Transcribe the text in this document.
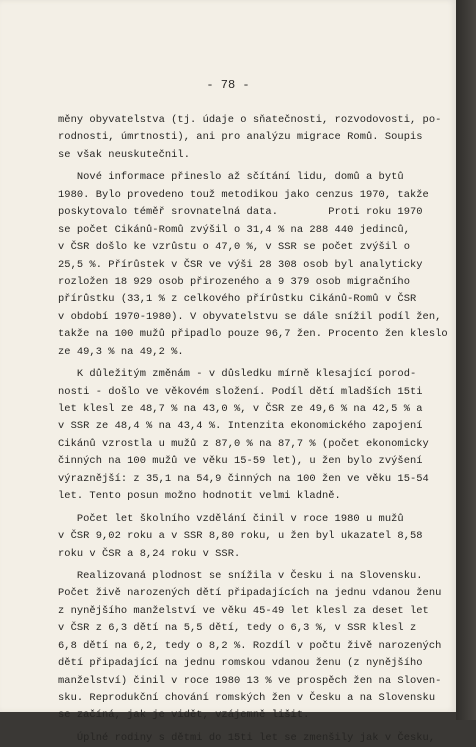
- 78 -
měny obyvatelstva (tj. údaje o sňatečnosti, rozvodovosti, po-
rodnosti, úmrtnosti), ani pro analýzu migrace Romů. Soupis
se však neuskutečnil.
Nové informace přineslo až sčítání lidu, domů a bytů
1980. Bylo provedeno touž metodikou jako cenzus 1970, takže
poskytovalo téměř srovnatelná data.        Proti roku 1970
se počet Cikánů-Romů zvýšil o 31,4 % na 288 440 jedinců,
v ČSR došlo ke vzrůstu o 47,0 %, v SSR se počet zvýšil o
25,5 %. Přírůstek v ČSR ve výši 28 308 osob byl analyticky
rozložen 18 929 osob přirozeného a 9 379 osob migračního
přírůstku (33,1 % z celkového přírůstku Cikánů-Romů v ČSR
v období 1970-1980). V obyvatelstvu se dále snížil podíl žen,
takže na 100 mužů připadlo pouze 96,7 žen. Procento žen kleslo
ze 49,3 % na 49,2 %.
K důležitým změnám - v důsledku mírně klesající porod-
nosti - došlo ve věkovém složení. Podíl dětí mladších 15ti
let klesl ze 48,7 % na 43,0 %, v ČSR ze 49,6 % na 42,5 % a
v SSR ze 48,4 % na 43,4 %. Intenzita ekonomického zapojení
Cikánů vzrostla u mužů z 87,0 % na 87,7 % (počet ekonomicky
činných na 100 mužů ve věku 15-59 let), u žen bylo zvýšení
výraznější: z 35,1 na 54,9 činných na 100 žen ve věku 15-54
let. Tento posun možno hodnotit velmi kladně.
Počet let školního vzdělání činil v roce 1980 u mužů
v ČSR 9,02 roku a v SSR 8,80 roku, u žen byl ukazatel 8,58
roku v ČSR a 8,24 roku v SSR.
Realizovaná plodnost se snížila v Česku i na Slovensku.
Počet živě narozených dětí připadajících na jednu vdanou ženu
z nynějšího manželství ve věku 45-49 let klesl za deset let
v ČSR z 6,3 dětí na 5,5 dětí, tedy o 6,3 %, v SSR klesl z
6,8 dětí na 6,2, tedy o 8,2 %. Rozdíl v počtu živě narozených
dětí připadající na jednu romskou vdanou ženu (z nynějšího
manželství) činil v roce 1980 13 % ve prospěch žen na Sloven-
sku. Reprodukční chování romských žen v Česku a na Slovensku
se začíná, jak je vidět, vzájemně lišit.
Úplné rodiny s dětmi do 15ti let se zmenšily jak v Česku,
